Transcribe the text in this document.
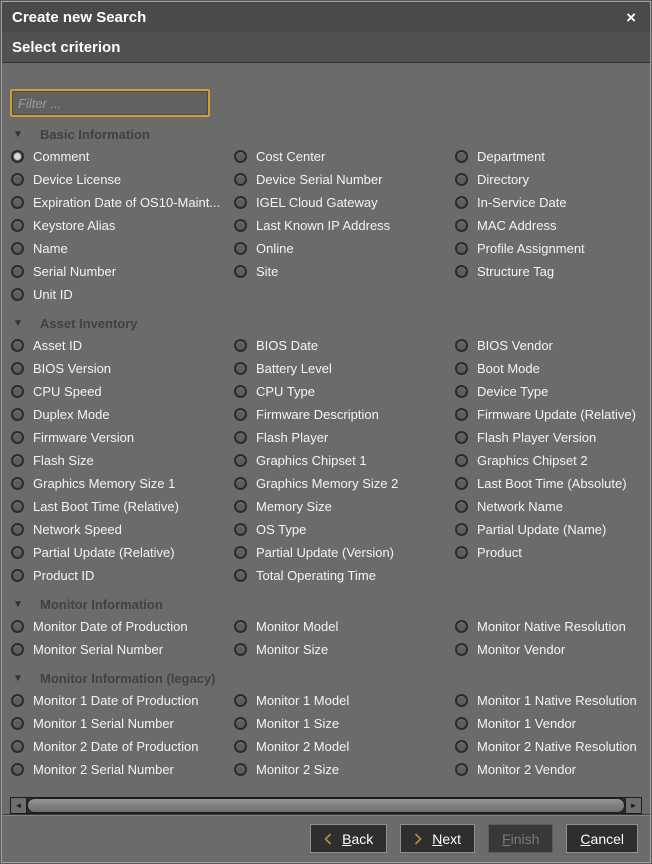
Create new Search	×
Select criterion
Filter ...
▼	Basic Information
Comment	Cost Center	Department
Device License	Device Serial Number	Directory
Expiration Date of OS10-Maint...	IGEL Cloud Gateway	In-Service Date
Keystore Alias	Last Known IP Address	MAC Address
Name	Online	Profile Assignment
Serial Number	Site	Structure Tag
Unit ID
▼	Asset Inventory
Asset ID	BIOS Date	BIOS Vendor
BIOS Version	Battery Level	Boot Mode
CPU Speed	CPU Type	Device Type
Duplex Mode	Firmware Description	Firmware Update (Relative)
Firmware Version	Flash Player	Flash Player Version
Flash Size	Graphics Chipset 1	Graphics Chipset 2
Graphics Memory Size 1	Graphics Memory Size 2	Last Boot Time (Absolute)
Last Boot Time (Relative)	Memory Size	Network Name
Network Speed	OS Type	Partial Update (Name)
Partial Update (Relative)	Partial Update (Version)	Product
Product ID	Total Operating Time
▼	Monitor Information
Monitor Date of Production	Monitor Model	Monitor Native Resolution
Monitor Serial Number	Monitor Size	Monitor Vendor
▼	Monitor Information (legacy)
Monitor 1 Date of Production	Monitor 1 Model	Monitor 1 Native Resolution
Monitor 1 Serial Number	Monitor 1 Size	Monitor 1 Vendor
Monitor 2 Date of Production	Monitor 2 Model	Monitor 2 Native Resolution
Monitor 2 Serial Number	Monitor 2 Size	Monitor 2 Vendor
◄	►
Back	Next	Finish	Cancel
